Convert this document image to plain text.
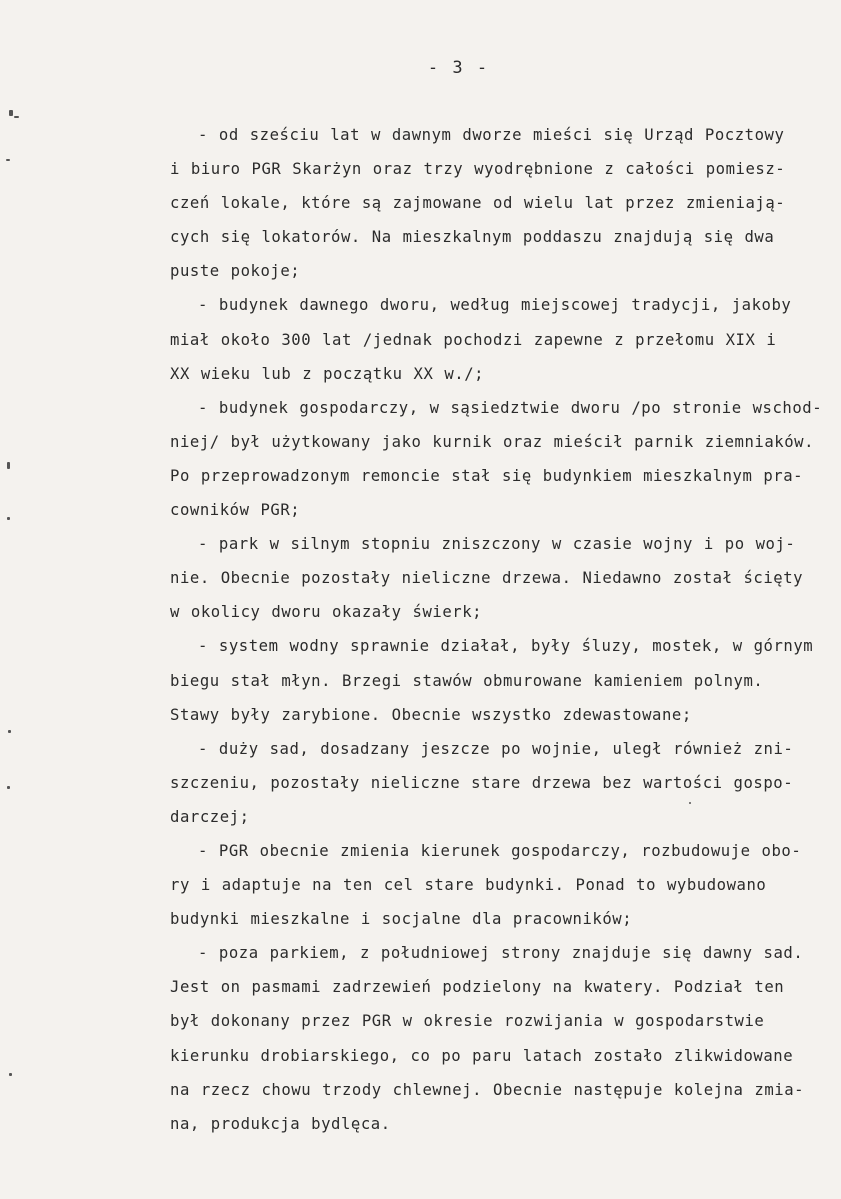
- 3 -
- od sześciu lat w dawnym dworze mieści się Urząd Pocztowy
i biuro PGR Skarżyn oraz trzy wyodrębnione z całości pomiesz-
czeń lokale, które są zajmowane od wielu lat przez zmieniają-
cych się lokatorów. Na mieszkalnym poddaszu znajdują się dwa
puste pokoje;
- budynek dawnego dworu, według miejscowej tradycji, jakoby
miał około 300 lat /jednak pochodzi zapewne z przełomu XIX i
XX wieku lub z początku XX w./;
- budynek gospodarczy, w sąsiedztwie dworu /po stronie wschod-
niej/ był użytkowany jako kurnik oraz mieścił parnik ziemniaków.
Po przeprowadzonym remoncie stał się budynkiem mieszkalnym pra-
cowników PGR;
- park w silnym stopniu zniszczony w czasie wojny i po woj-
nie. Obecnie pozostały nieliczne drzewa. Niedawno został ścięty
w okolicy dworu okazały świerk;
- system wodny sprawnie działał, były śluzy, mostek, w górnym
biegu stał młyn. Brzegi stawów obmurowane kamieniem polnym.
Stawy były zarybione. Obecnie wszystko zdewastowane;
- duży sad, dosadzany jeszcze po wojnie, uległ również zni-
szczeniu, pozostały nieliczne stare drzewa bez wartości gospo-
darczej;
- PGR obecnie zmienia kierunek gospodarczy, rozbudowuje obo-
ry i adaptuje na ten cel stare budynki. Ponad to wybudowano
budynki mieszkalne i socjalne dla pracowników;
- poza parkiem, z południowej strony znajduje się dawny sad.
Jest on pasmami zadrzewień podzielony na kwatery. Podział ten
był dokonany przez PGR w okresie rozwijania w gospodarstwie
kierunku drobiarskiego, co po paru latach zostało zlikwidowane
na rzecz chowu trzody chlewnej. Obecnie następuje kolejna zmia-
na, produkcja bydlęca.
